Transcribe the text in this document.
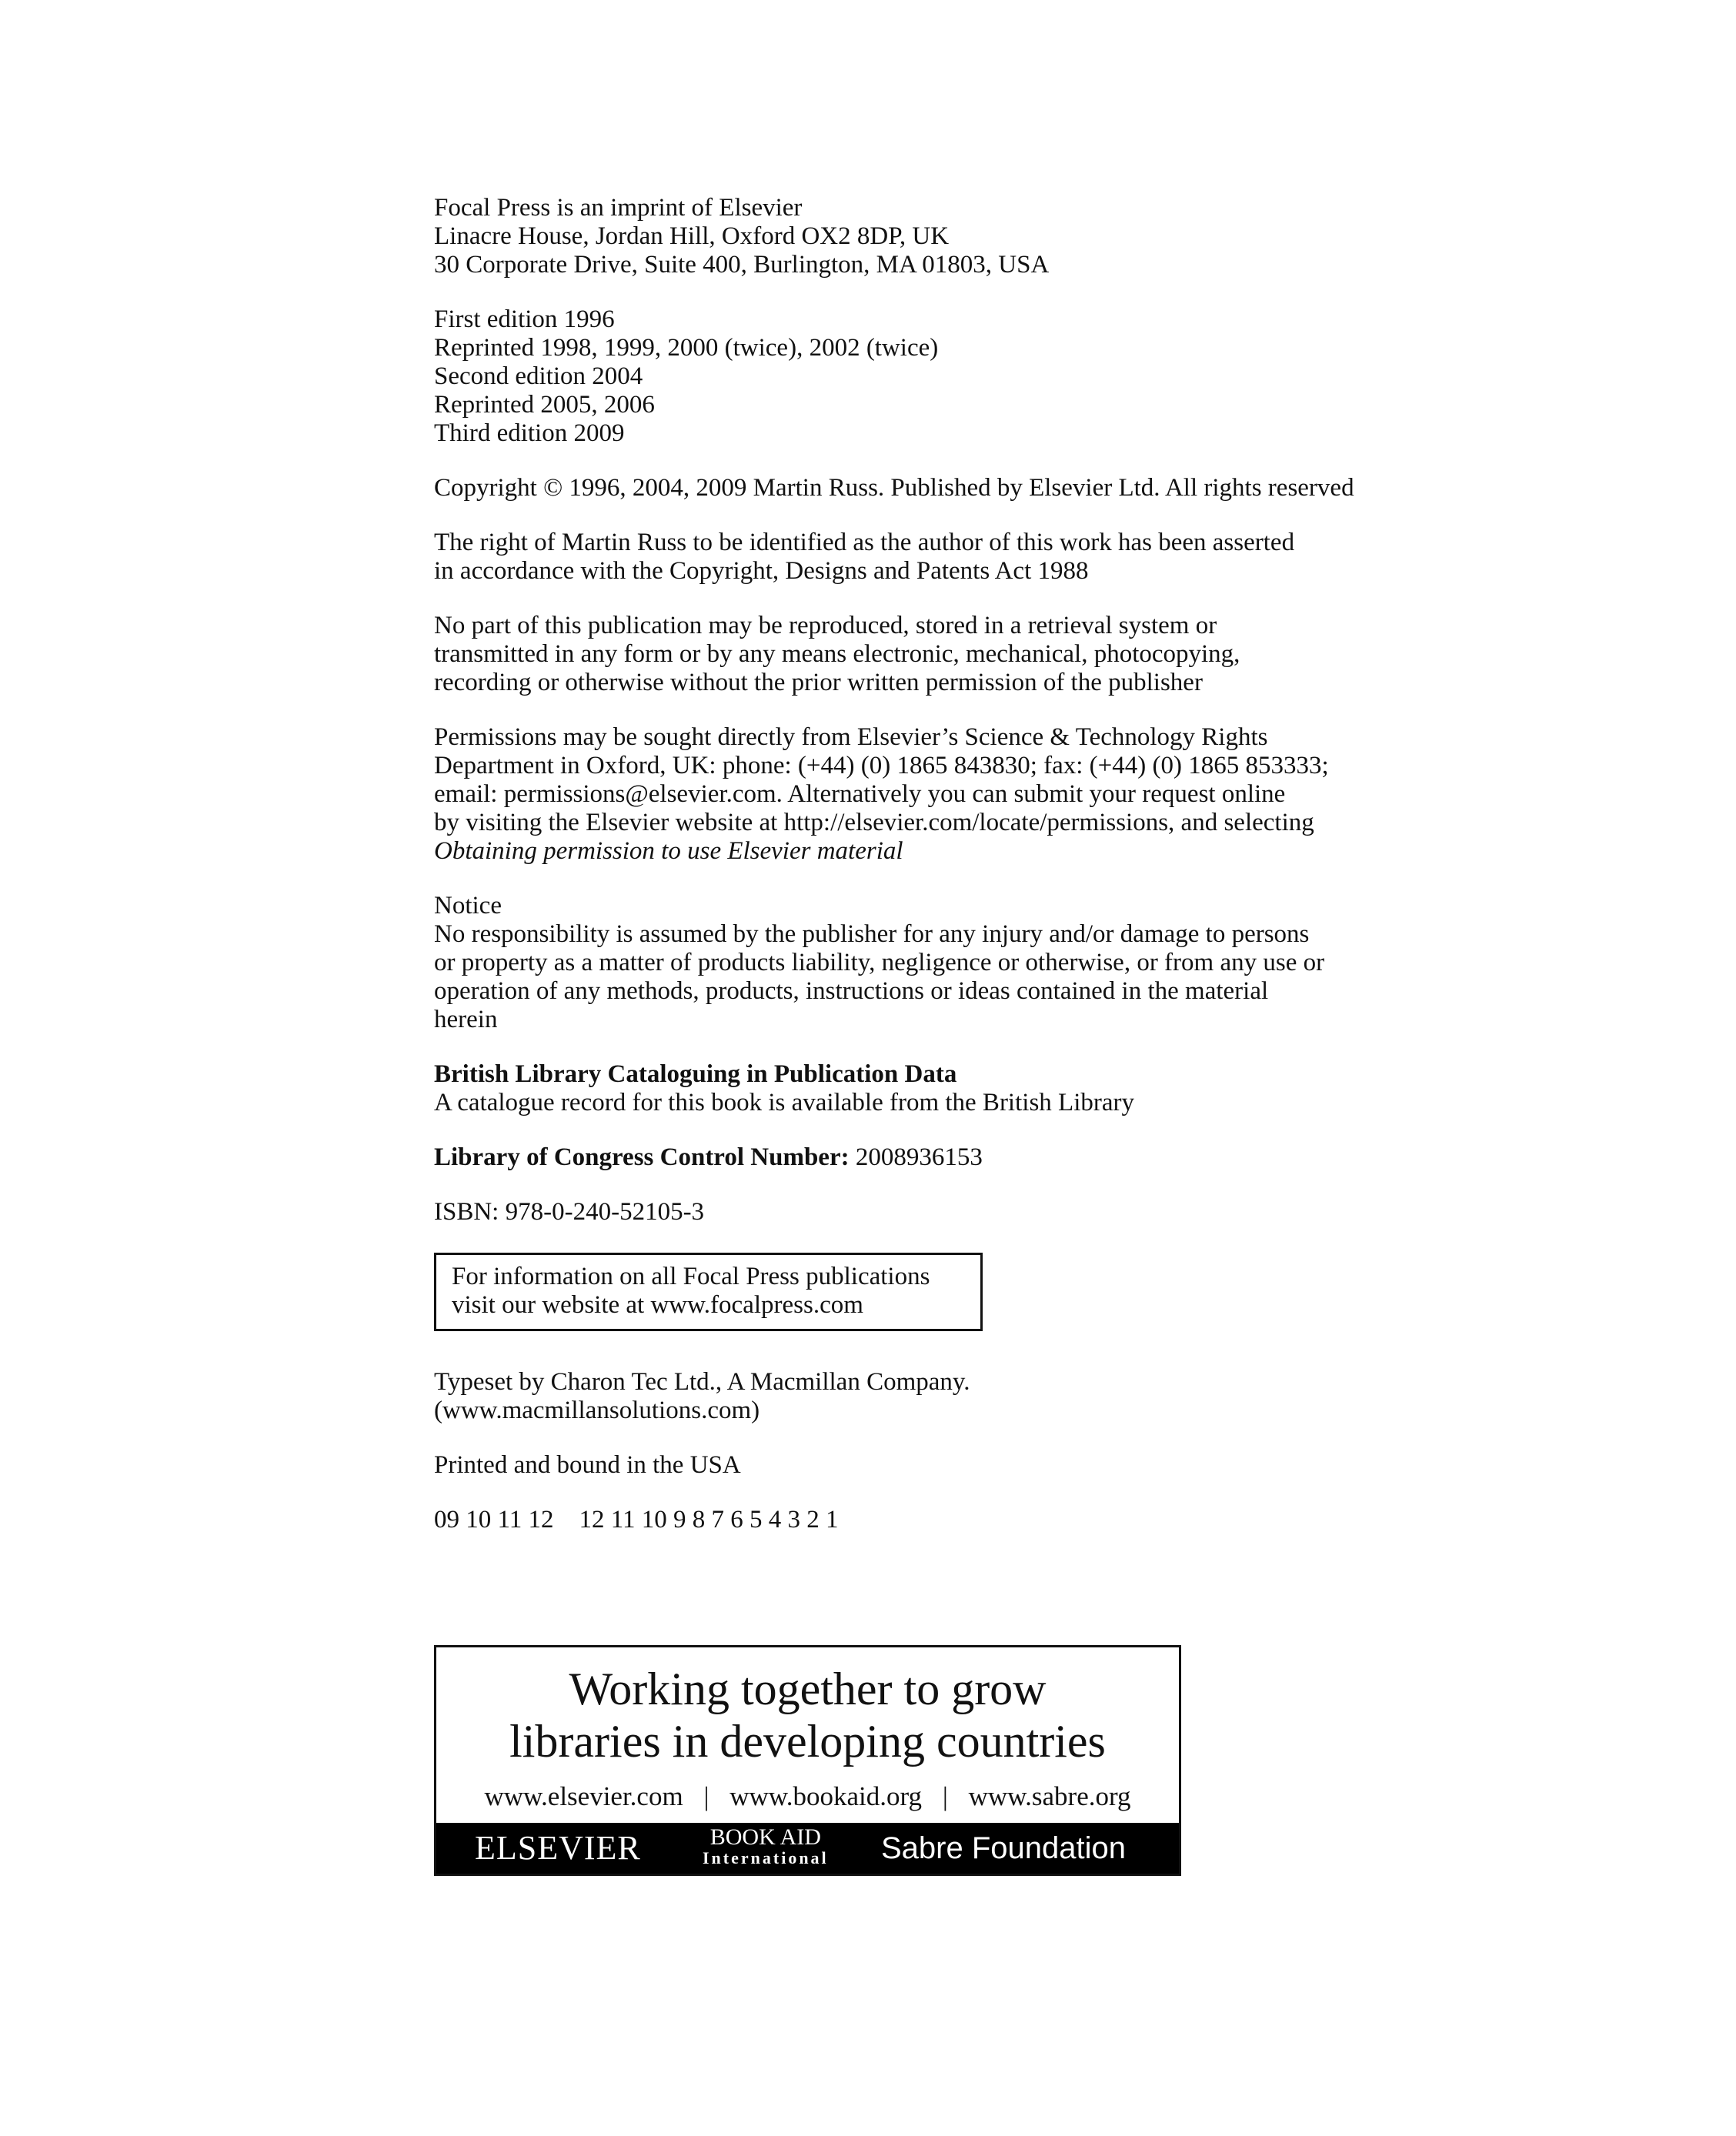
Focal Press is an imprint of Elsevier
Linacre House, Jordan Hill, Oxford OX2 8DP, UK
30 Corporate Drive, Suite 400, Burlington, MA 01803, USA
First edition 1996
Reprinted 1998, 1999, 2000 (twice), 2002 (twice)
Second edition 2004
Reprinted 2005, 2006
Third edition 2009
Copyright © 1996, 2004, 2009 Martin Russ. Published by Elsevier Ltd. All rights reserved
The right of Martin Russ to be identified as the author of this work has been asserted
in accordance with the Copyright, Designs and Patents Act 1988
No part of this publication may be reproduced, stored in a retrieval system or
transmitted in any form or by any means electronic, mechanical, photocopying,
recording or otherwise without the prior written permission of the publisher
Permissions may be sought directly from Elsevier’s Science & Technology Rights
Department in Oxford, UK: phone: (+44) (0) 1865 843830; fax: (+44) (0) 1865 853333;
email: permissions@elsevier.com. Alternatively you can submit your request online
by visiting the Elsevier website at http://elsevier.com/locate/permissions, and selecting
Obtaining permission to use Elsevier material
Notice
No responsibility is assumed by the publisher for any injury and/or damage to persons
or property as a matter of products liability, negligence or otherwise, or from any use or
operation of any methods, products, instructions or ideas contained in the material
herein
British Library Cataloguing in Publication Data
A catalogue record for this book is available from the British Library
Library of Congress Control Number: 2008936153
ISBN: 978-0-240-52105-3
For information on all Focal Press publications
visit our website at www.focalpress.com
Typeset by Charon Tec Ltd., A Macmillan Company.
(www.macmillansolutions.com)
Printed and bound in the USA
09 10 11 12    12 11 10 9 8 7 6 5 4 3 2 1
Working together to grow
libraries in developing countries
www.elsevier.com | www.bookaid.org | www.sabre.org
ELSEVIER	BOOK AID
International Sabre Foundation
